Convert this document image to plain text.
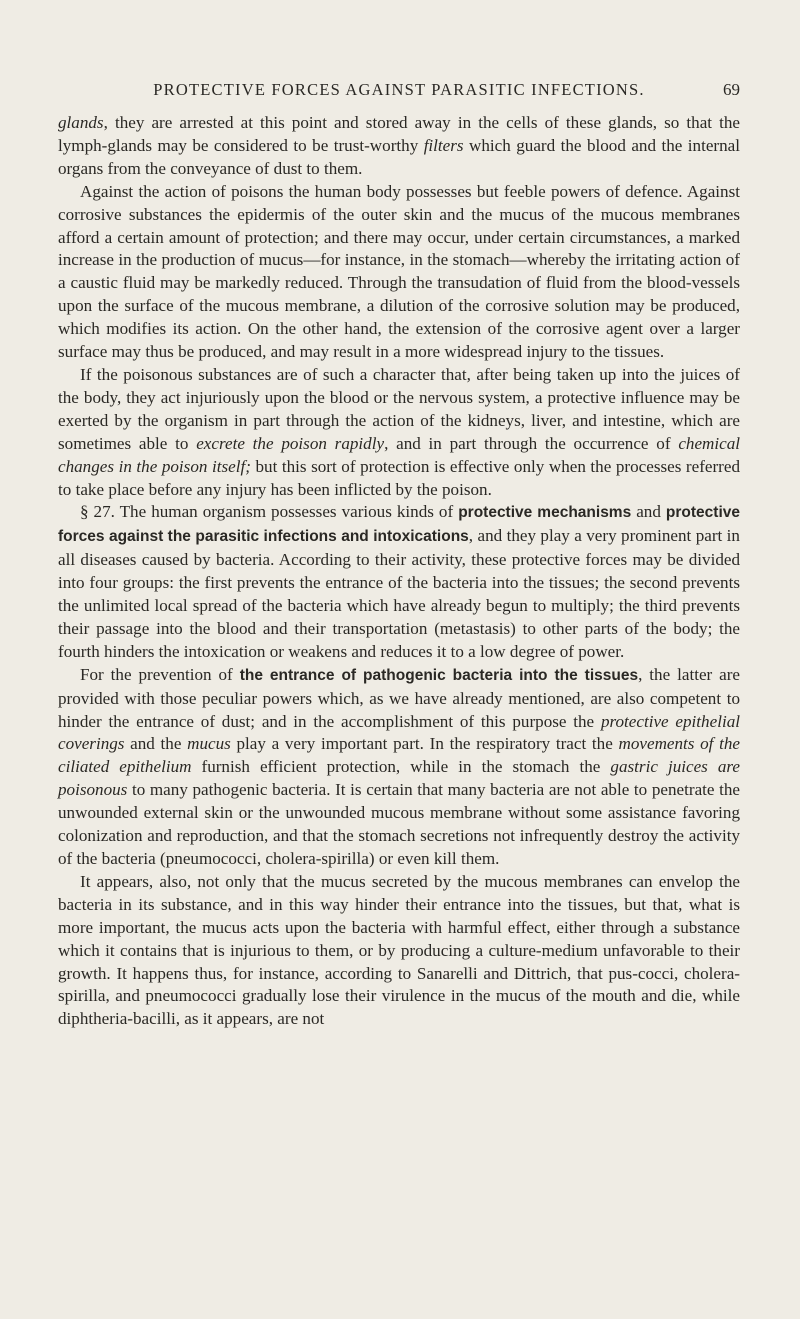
PROTECTIVE FORCES AGAINST PARASITIC INFECTIONS.	69

glands, they are arrested at this point and stored away in the cells of these glands, so that the lymph-glands may be considered to be trust-worthy filters which guard the blood and the internal organs from the conveyance of dust to them.

Against the action of poisons the human body possesses but feeble powers of defence. Against corrosive substances the epidermis of the outer skin and the mucus of the mucous membranes afford a certain amount of protection; and there may occur, under certain circumstances, a marked increase in the production of mucus—for instance, in the stomach—whereby the irritating action of a caustic fluid may be markedly reduced. Through the transudation of fluid from the blood-vessels upon the surface of the mucous membrane, a dilution of the corrosive solution may be produced, which modifies its action. On the other hand, the extension of the corrosive agent over a larger surface may thus be produced, and may result in a more widespread injury to the tissues.

If the poisonous substances are of such a character that, after being taken up into the juices of the body, they act injuriously upon the blood or the nervous system, a protective influence may be exerted by the organism in part through the action of the kidneys, liver, and intestine, which are sometimes able to excrete the poison rapidly, and in part through the occurrence of chemical changes in the poison itself; but this sort of protection is effective only when the processes referred to take place before any injury has been inflicted by the poison.

§ 27. The human organism possesses various kinds of protective mechanisms and protective forces against the parasitic infections and intoxications, and they play a very prominent part in all diseases caused by bacteria. According to their activity, these protective forces may be divided into four groups: the first prevents the entrance of the bacteria into the tissues; the second prevents the unlimited local spread of the bacteria which have already begun to multiply; the third prevents their passage into the blood and their transportation (metastasis) to other parts of the body; the fourth hinders the intoxication or weakens and reduces it to a low degree of power.

For the prevention of the entrance of pathogenic bacteria into the tissues, the latter are provided with those peculiar powers which, as we have already mentioned, are also competent to hinder the entrance of dust; and in the accomplishment of this purpose the protective epithelial coverings and the mucus play a very important part. In the respiratory tract the movements of the ciliated epithelium furnish efficient protection, while in the stomach the gastric juices are poisonous to many pathogenic bacteria. It is certain that many bacteria are not able to penetrate the unwounded external skin or the unwounded mucous membrane without some assistance favoring colonization and reproduction, and that the stomach secretions not infrequently destroy the activity of the bacteria (pneumococci, cholera-spirilla) or even kill them.

It appears, also, not only that the mucus secreted by the mucous membranes can envelop the bacteria in its substance, and in this way hinder their entrance into the tissues, but that, what is more important, the mucus acts upon the bacteria with harmful effect, either through a substance which it contains that is injurious to them, or by producing a culture-medium unfavorable to their growth. It happens thus, for instance, according to Sanarelli and Dittrich, that pus-cocci, cholera-spirilla, and pneumococci gradually lose their virulence in the mucus of the mouth and die, while diphtheria-bacilli, as it appears, are not
